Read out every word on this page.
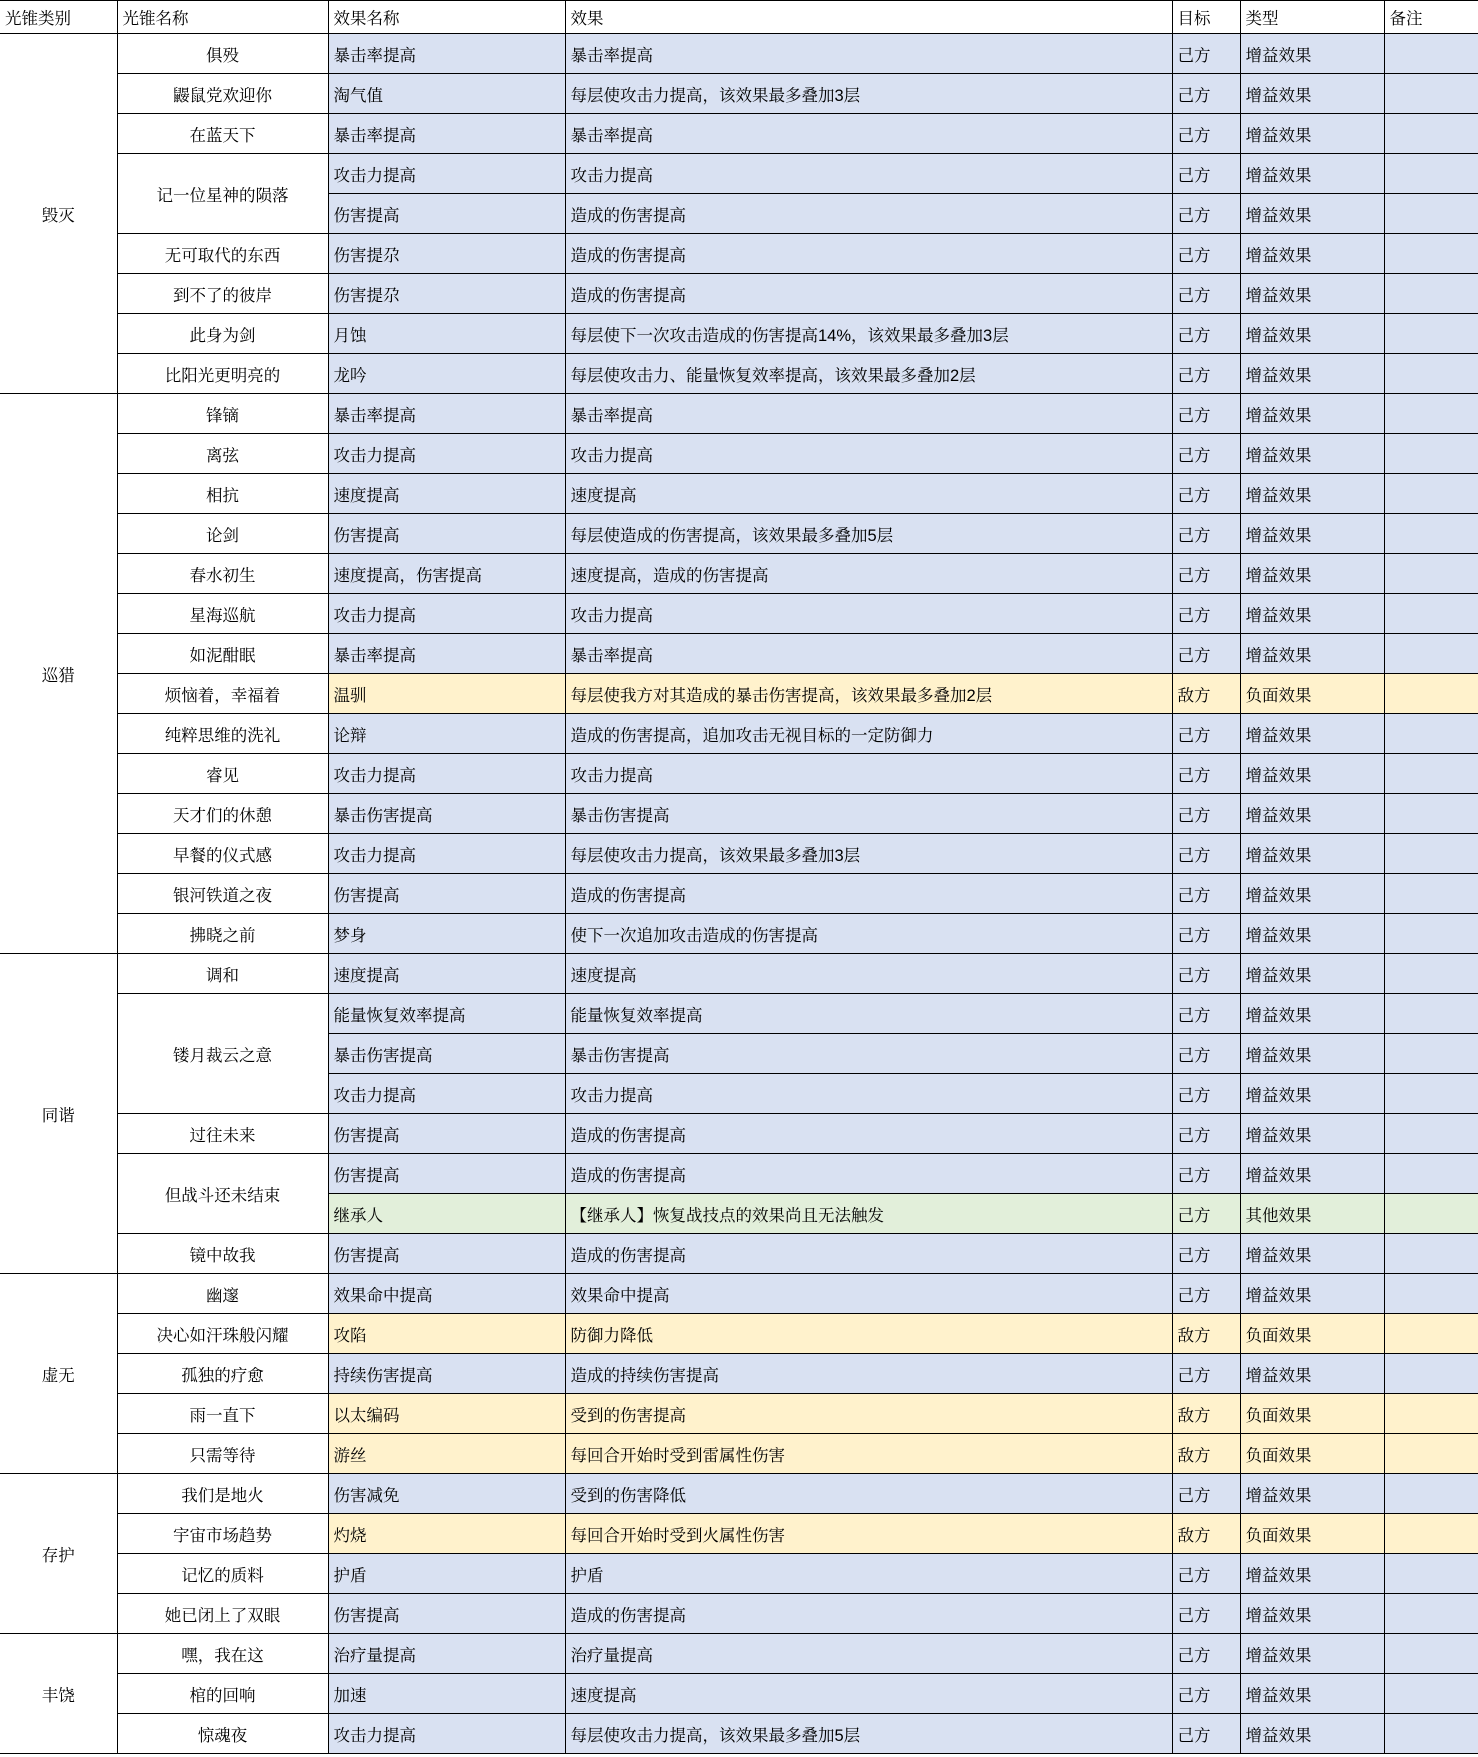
光锥类别	光锥名称	效果名称	效果	目标	类型	备注
毁灭	俱殁	暴击率提高	暴击率提高	己方	增益效果	
	鼹鼠党欢迎你	淘气值	每层使攻击力提高，该效果最多叠加3层	己方	增益效果	
	在蓝天下	暴击率提高	暴击率提高	己方	增益效果	
	记一位星神的陨落	攻击力提高	攻击力提高	己方	增益效果	
		伤害提高	造成的伤害提高	己方	增益效果	
	无可取代的东西	伤害提尕	造成的伤害提高	己方	增益效果	
	到不了的彼岸	伤害提尕	造成的伤害提高	己方	增益效果	
	此身为剑	月蚀	每层使下一次攻击造成的伤害提高14%，该效果最多叠加3层	己方	增益效果	
	比阳光更明亮的	龙吟	每层使攻击力、能量恢复效率提高，该效果最多叠加2层	己方	增益效果	
巡猎	锋镝	暴击率提高	暴击率提高	己方	增益效果	
	离弦	攻击力提高	攻击力提高	己方	增益效果	
	相抗	速度提高	速度提高	己方	增益效果	
	论剑	伤害提高	每层使造成的伤害提高，该效果最多叠加5层	己方	增益效果	
	春水初生	速度提高，伤害提高	速度提高，造成的伤害提高	己方	增益效果	
	星海巡航	攻击力提高	攻击力提高	己方	增益效果	
	如泥酣眠	暴击率提高	暴击率提高	己方	增益效果	
	烦恼着，幸福着	温驯	每层使我方对其造成的暴击伤害提高，该效果最多叠加2层	敌方	负面效果	
	纯粹思维的洗礼	论辩	造成的伤害提高，追加攻击无视目标的一定防御力	己方	增益效果	
	睿见	攻击力提高	攻击力提高	己方	增益效果	
	天才们的休憩	暴击伤害提高	暴击伤害提高	己方	增益效果	
	早餐的仪式感	攻击力提高	每层使攻击力提高，该效果最多叠加3层	己方	增益效果	
	银河铁道之夜	伤害提高	造成的伤害提高	己方	增益效果	
	拂晓之前	梦身	使下一次追加攻击造成的伤害提高	己方	增益效果	
同谐	调和	速度提高	速度提高	己方	增益效果	
	镂月裁云之意	能量恢复效率提高	能量恢复效率提高	己方	增益效果	
		暴击伤害提高	暴击伤害提高	己方	增益效果	
		攻击力提高	攻击力提高	己方	增益效果	
	过往未来	伤害提高	造成的伤害提高	己方	增益效果	
	但战斗还未结束	伤害提高	造成的伤害提高	己方	增益效果	
		继承人	【继承人】恢复战技点的效果尚且无法触发	己方	其他效果	
	镜中故我	伤害提高	造成的伤害提高	己方	增益效果	
虚无	幽邃	效果命中提高	效果命中提高	己方	增益效果	
	决心如汗珠般闪耀	攻陷	防御力降低	敌方	负面效果	
	孤独的疗愈	持续伤害提高	造成的持续伤害提高	己方	增益效果	
	雨一直下	以太编码	受到的伤害提高	敌方	负面效果	
	只需等待	游丝	每回合开始时受到雷属性伤害	敌方	负面效果	
存护	我们是地火	伤害减免	受到的伤害降低	己方	增益效果	
	宇宙市场趋势	灼烧	每回合开始时受到火属性伤害	敌方	负面效果	
	记忆的质料	护盾	护盾	己方	增益效果	
	她已闭上了双眼	伤害提高	造成的伤害提高	己方	增益效果	
丰饶	嘿，我在这	治疗量提高	治疗量提高	己方	增益效果	
	棺的回响	加速	速度提高	己方	增益效果	
	惊魂夜	攻击力提高	每层使攻击力提高，该效果最多叠加5层	己方	增益效果	
